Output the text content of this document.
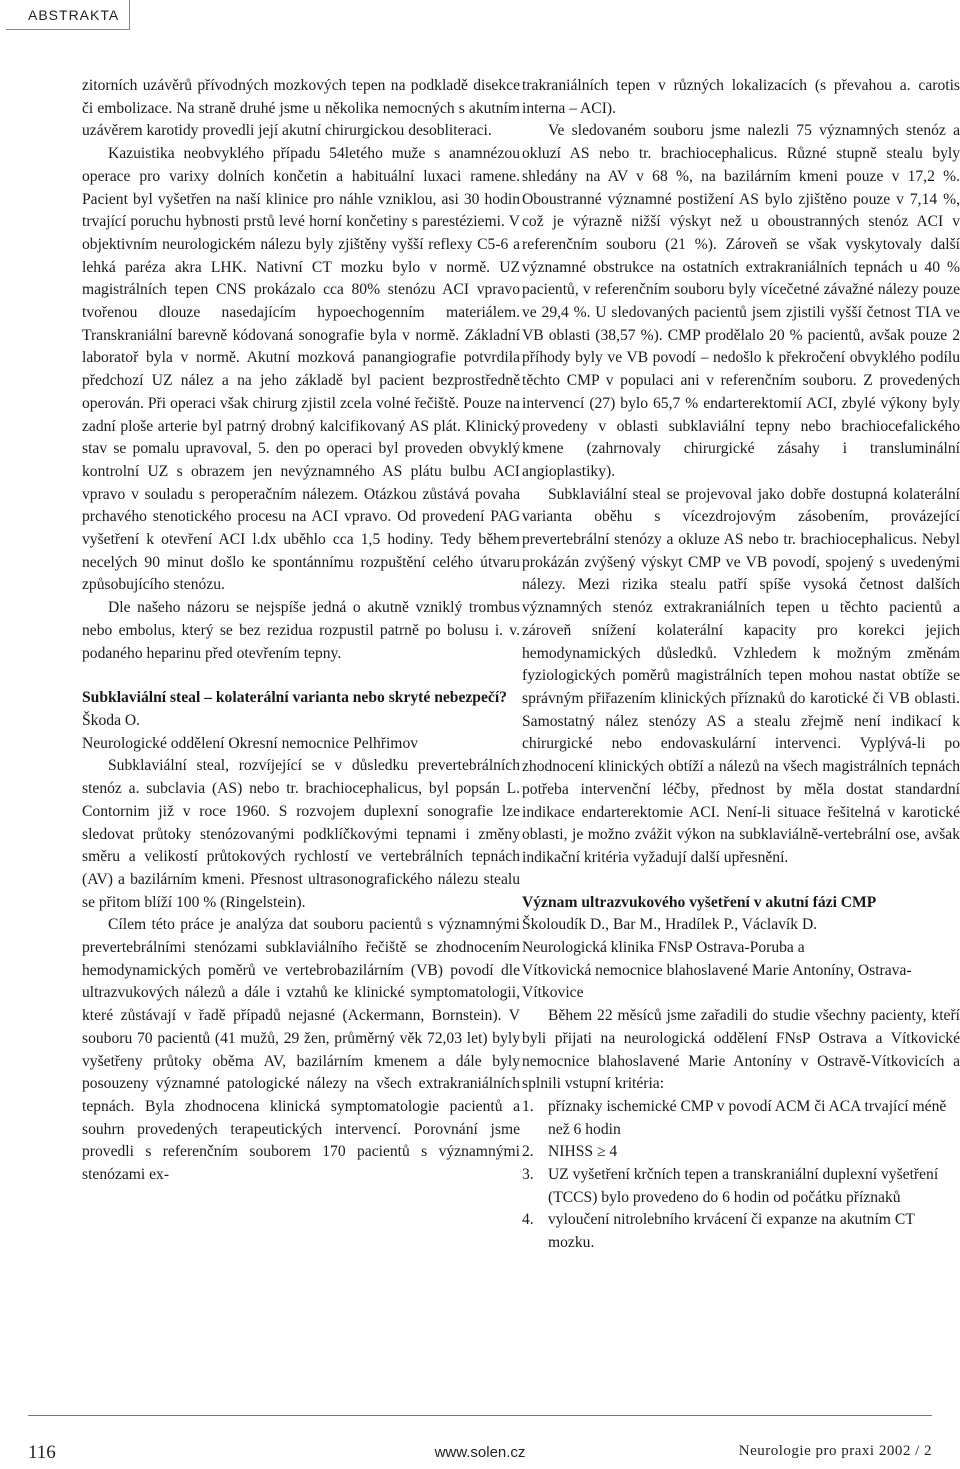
ABSTRAKTA

zitorních uzávěrů přívodných mozkových tepen na podkladě disekce či embolizace. Na straně druhé jsme u několika nemocných s akutním uzávěrem karotidy provedli její akutní chirurgickou desobliteraci.

Kazuistika neobvyklého případu 54letého muže s anamnézou operace pro varixy dolních končetin a habituální luxaci ramene. Pacient byl vyšetřen na naší klinice pro náhle vzniklou, asi 30 hodin trvající poruchu hybnosti prstů levé horní končetiny s parestéziemi. V objektivním neurologickém nálezu byly zjištěny vyšší reflexy C5-6 a lehká paréza akra LHK. Nativní CT mozku bylo v normě. UZ magistrálních tepen CNS prokázalo cca 80% stenózu ACI vpravo tvořenou dlouze nasedajícím hypoechogenním materiálem. Transkraniální barevně kódovaná sonografie byla v normě. Základní laboratoř byla v normě. Akutní mozková panangiografie potvrdila předchozí UZ nález a na jeho základě byl pacient bezprostředně operován. Při operaci však chirurg zjistil zcela volné řečiště. Pouze na zadní ploše arterie byl patrný drobný kalcifikovaný AS plát. Klinický stav se pomalu upravoval, 5. den po operaci byl proveden obvyklý kontrolní UZ s obrazem jen nevýznamného AS plátu bulbu ACI vpravo v souladu s peroperačním nálezem. Otázkou zůstává povaha prchavého stenotického procesu na ACI vpravo. Od provedení PAG vyšetření k otevření ACI l.dx uběhlo cca 1,5 hodiny. Tedy během necelých 90 minut došlo ke spontánnímu rozpuštění celého útvaru způsobujícího stenózu.

Dle našeho názoru se nejspíše jedná o akutně vzniklý trombus nebo embolus, který se bez rezidua rozpustil patrně po bolusu i. v. podaného heparinu před otevřením tepny.

Subklaviální steal – kolaterální varianta nebo skryté nebezpečí?

Škoda O.

Neurologické oddělení Okresní nemocnice Pelhřimov

Subklaviální steal, rozvíjející se v důsledku prevertebrálních stenóz a. subclavia (AS) nebo tr. brachiocephalicus, byl popsán L. Contornim již v roce 1960. S rozvojem duplexní sonografie lze sledovat průtoky stenózovanými podklíčkovými tepnami i změny směru a velikostí průtokových rychlostí ve vertebrálních tepnách (AV) a bazilárním kmeni. Přesnost ultrasonografického nálezu stealu se přitom blíží 100 % (Ringelstein).

Cílem této práce je analýza dat souboru pacientů s významnými prevertebrálními stenózami subklaviálního řečiště se zhodnocením hemodynamických poměrů ve vertebrobazilárním (VB) povodí dle ultrazvukových nálezů a dále i vztahů ke klinické symptomatologii, které zůstávají v řadě případů nejasné (Ackermann, Bornstein). V souboru 70 pacientů (41 mužů, 29 žen, průměrný věk 72,03 let) byly vyšetřeny průtoky oběma AV, bazilárním kmenem a dále byly posouzeny významné patologické nálezy na všech extrakraniálních tepnách. Byla zhodnocena klinická symptomatologie pacientů a souhrn provedených terapeutických intervencí. Porovnání jsme provedli s referenčním souborem 170 pacientů s významnými stenózami ex-

trakraniálních tepen v různých lokalizacích (s převahou a. carotis interna – ACI).

Ve sledovaném souboru jsme nalezli 75 významných stenóz a okluzí AS nebo tr. brachiocephalicus. Různé stupně stealu byly shledány na AV v 68 %, na bazilárním kmeni pouze v 17,2 %. Oboustranné významné postižení AS bylo zjištěno pouze v 7,14 %, což je výrazně nižší výskyt než u oboustranných stenóz ACI v referenčním souboru (21 %). Zároveň se však vyskytovaly další významné obstrukce na ostatních extrakraniálních tepnách u 40 % pacientů, v referenčním souboru byly vícečetné závažné nálezy pouze ve 29,4 %. U sledovaných pacientů jsem zjistili vyšší četnost TIA ve VB oblasti (38,57 %). CMP prodělalo 20 % pacientů, avšak pouze 2 příhody byly ve VB povodí – nedošlo k překročení obvyklého podílu těchto CMP v populaci ani v referenčním souboru. Z provedených intervencí (27) bylo 65,7 % endarterektomií ACI, zbylé výkony byly provedeny v oblasti subklaviální tepny nebo brachiocefalického kmene (zahrnovaly chirurgické zásahy i transluminální angioplastiky).

Subklaviální steal se projevoval jako dobře dostupná kolaterální varianta oběhu s vícezdrojovým zásobením, provázející prevertebrální stenózy a okluze AS nebo tr. brachiocephalicus. Nebyl prokázán zvýšený výskyt CMP ve VB povodí, spojený s uvedenými nálezy. Mezi rizika stealu patří spíše vysoká četnost dalších významných stenóz extrakraniálních tepen u těchto pacientů a zároveň snížení kolaterální kapacity pro korekci jejich hemodynamických důsledků. Vzhledem k možným změnám fyziologických poměrů magistrálních tepen mohou nastat obtíže se správným přiřazením klinických příznaků do karotické či VB oblasti. Samostatný nález stenózy AS a stealu zřejmě není indikací k chirurgické nebo endovaskulární intervenci. Vyplývá-li po zhodnocení klinických obtíží a nálezů na všech magistrálních tepnách potřeba intervenční léčby, přednost by měla dostat standardní indikace endarterektomie ACI. Není-li situace řešitelná v karotické oblasti, je možno zvážit výkon na subklaviálně-vertebrální ose, avšak indikační kritéria vyžadují další upřesnění.

Význam ultrazvukového vyšetření v akutní fázi CMP

Školoudík D., Bar M., Hradílek P., Václavík D.

Neurologická klinika FNsP Ostrava-Poruba a

Vítkovická nemocnice blahoslavené Marie Antoníny, Ostrava-Vítkovice

Během 22 měsíců jsme zařadili do studie všechny pacienty, kteří byli přijati na neurologická oddělení FNsP Ostrava a Vítkovické nemocnice blahoslavené Marie Antoníny v Ostravě-Vítkovicích a splnili vstupní kritéria:

1. příznaky ischemické CMP v povodí ACM či ACA trvající méně než 6 hodin
2. NIHSS ≥ 4
3. UZ vyšetření krčních tepen a transkraniální duplexní vyšetření (TCCS) bylo provedeno do 6 hodin od počátku příznaků
4. vyloučení nitrolebního krvácení či expanze na akutním CT mozku.
116	www.solen.cz	Neurologie pro praxi 2002 / 2
